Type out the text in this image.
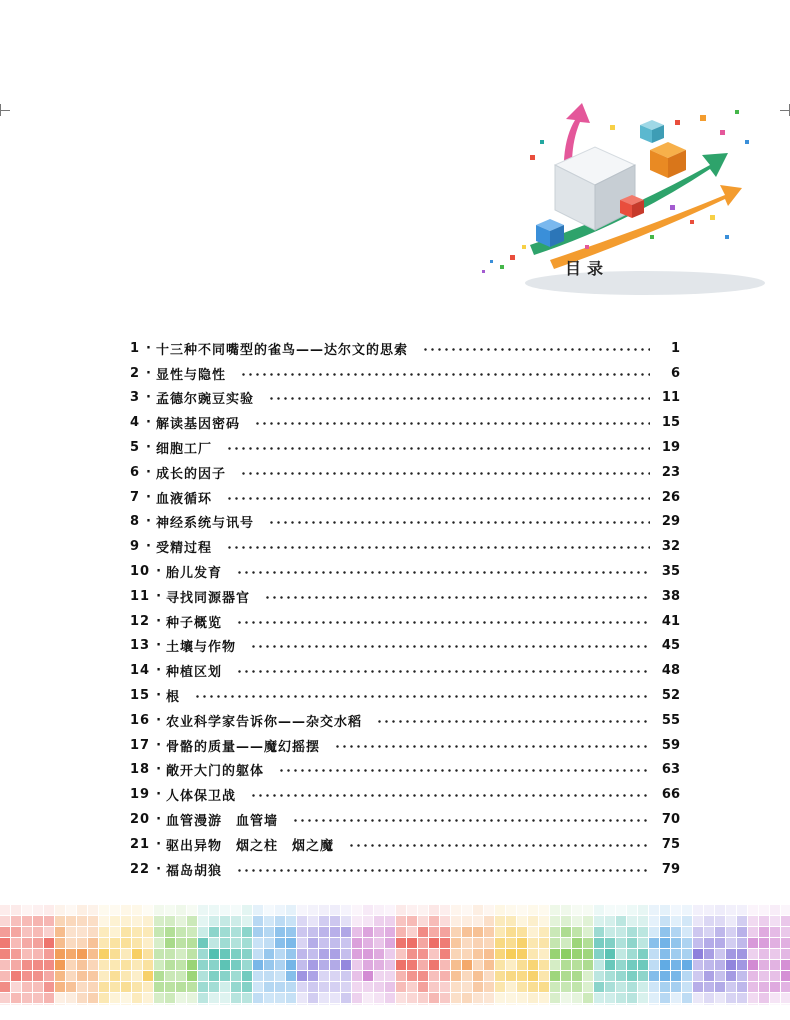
目录
1 · 十三种不同嘴型的雀鸟——达尔文的思索	1
2 · 显性与隐性	6
3 · 孟德尔豌豆实验	11
4 · 解读基因密码	15
5 · 细胞工厂	19
6 · 成长的因子	23
7 · 血液循环	26
8 · 神经系统与讯号	29
9 · 受精过程	32
10 · 胎儿发育	35
11 · 寻找同源器官	38
12 · 种子概览	41
13 · 土壤与作物	45
14 · 种植区划	48
15 · 根	52
16 · 农业科学家告诉你——杂交水稻	55
17 · 骨骼的质量——魔幻摇摆	59
18 · 敞开大门的躯体	63
19 · 人体保卫战	66
20 · 血管漫游　血管墙	70
21 · 驱出异物　烟之柱　烟之魔	75
22 · 福岛胡狼	79
